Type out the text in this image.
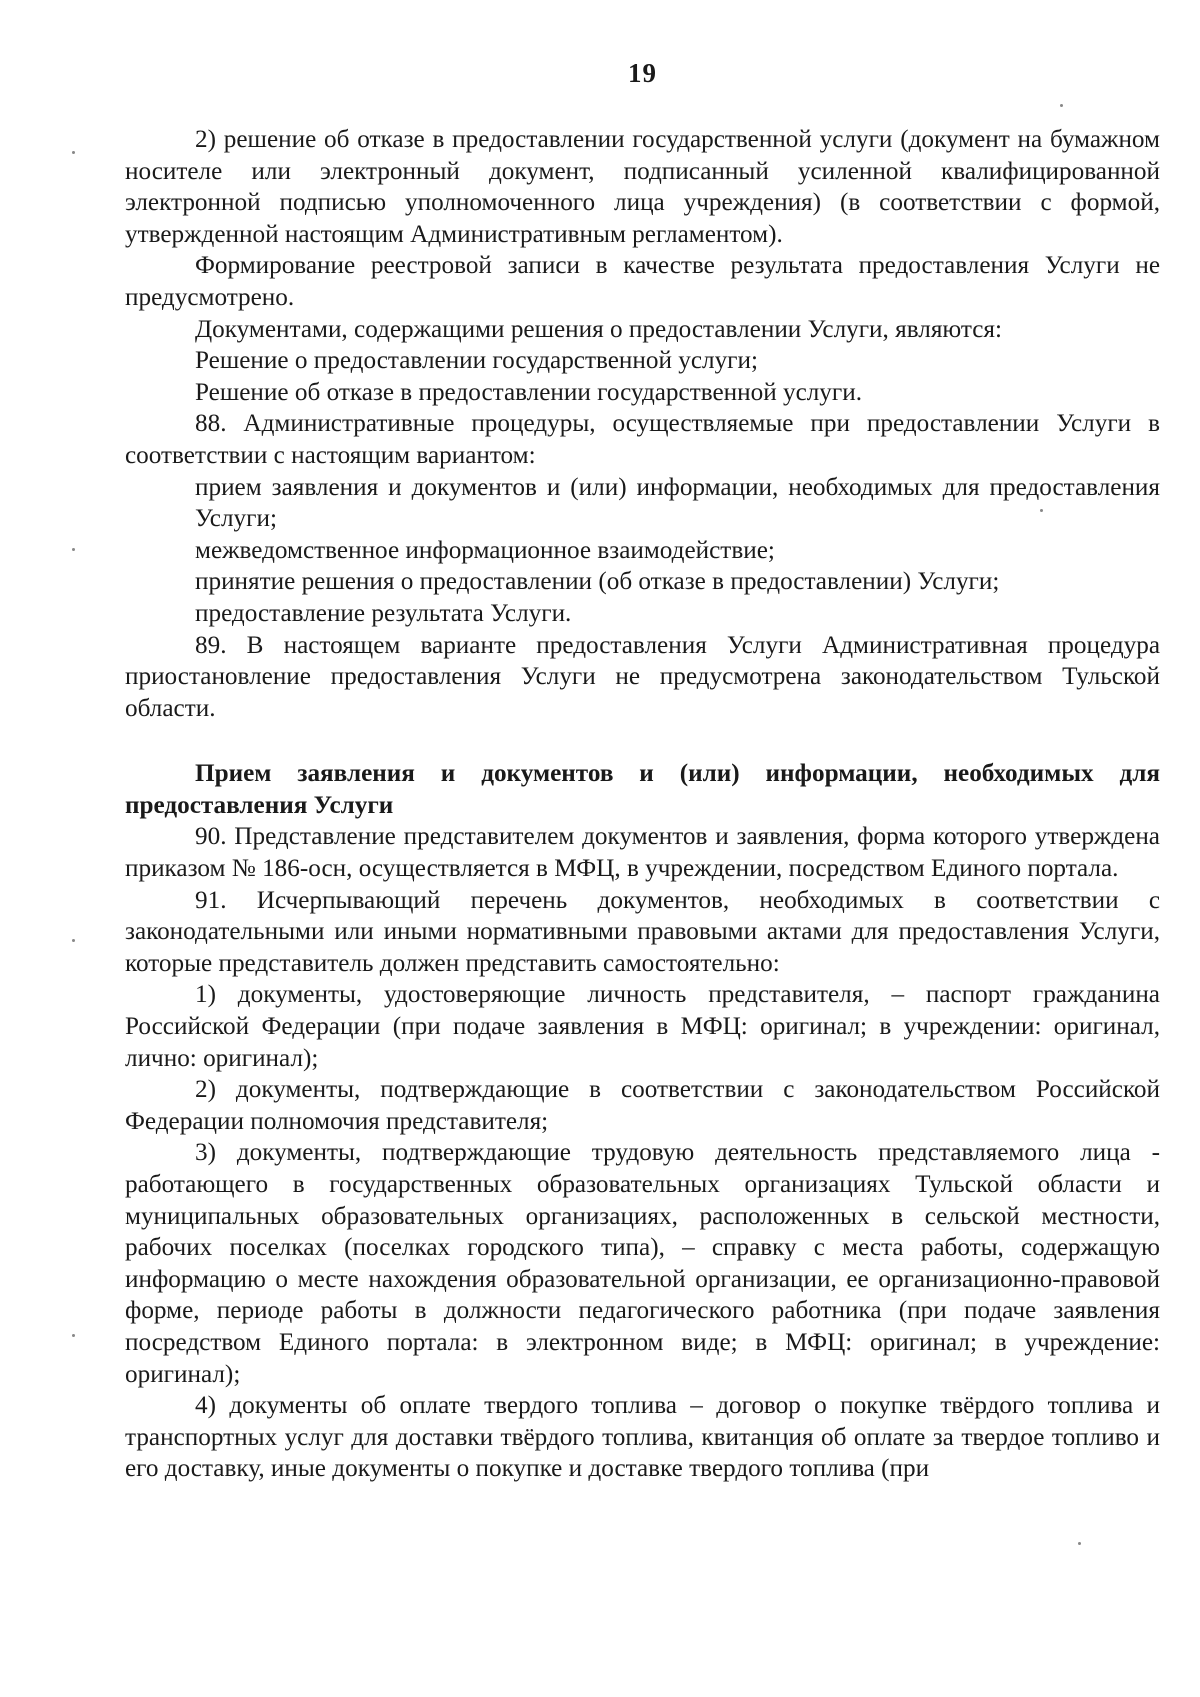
19

2) решение об отказе в предоставлении государственной услуги (документ на бумажном носителе или электронный документ, подписанный усиленной квалифицированной электронной подписью уполномоченного лица учреждения) (в соответствии с формой, утвержденной настоящим Административным регламентом).

Формирование реестровой записи в качестве результата предоставления Услуги не предусмотрено.

Документами, содержащими решения о предоставлении Услуги, являются:

Решение о предоставлении государственной услуги;

Решение об отказе в предоставлении государственной услуги.

88. Административные процедуры, осуществляемые при предоставлении Услуги в соответствии с настоящим вариантом:

прием заявления и документов и (или) информации, необходимых для предоставления Услуги;

межведомственное информационное взаимодействие;

принятие решения о предоставлении (об отказе в предоставлении) Услуги;

предоставление результата Услуги.

89. В настоящем варианте предоставления Услуги Административная процедура приостановление предоставления Услуги не предусмотрена законодательством Тульской области.

Прием заявления и документов и (или) информации, необходимых для предоставления Услуги

90. Представление представителем документов и заявления, форма которого утверждена приказом № 186-осн, осуществляется в МФЦ, в учреждении, посредством Единого портала.

91. Исчерпывающий перечень документов, необходимых в соответствии с законодательными или иными нормативными правовыми актами для предоставления Услуги, которые представитель должен представить самостоятельно:

1) документы, удостоверяющие личность представителя, – паспорт гражданина Российской Федерации (при подаче заявления в МФЦ: оригинал; в учреждении: оригинал, лично: оригинал);

2) документы, подтверждающие в соответствии с законодательством Российской Федерации полномочия представителя;

3) документы, подтверждающие трудовую деятельность представляемого лица - работающего в государственных образовательных организациях Тульской области и муниципальных образовательных организациях, расположенных в сельской местности, рабочих поселках (поселках городского типа), – справку с места работы, содержащую информацию о месте нахождения образовательной организации, ее организационно-правовой форме, периоде работы в должности педагогического работника (при подаче заявления посредством Единого портала: в электронном виде; в МФЦ: оригинал; в учреждение: оригинал);

4) документы об оплате твердого топлива – договор о покупке твёрдого топлива и транспортных услуг для доставки твёрдого топлива, квитанция об оплате за твердое топливо и его доставку, иные документы о покупке и доставке твердого топлива (при
